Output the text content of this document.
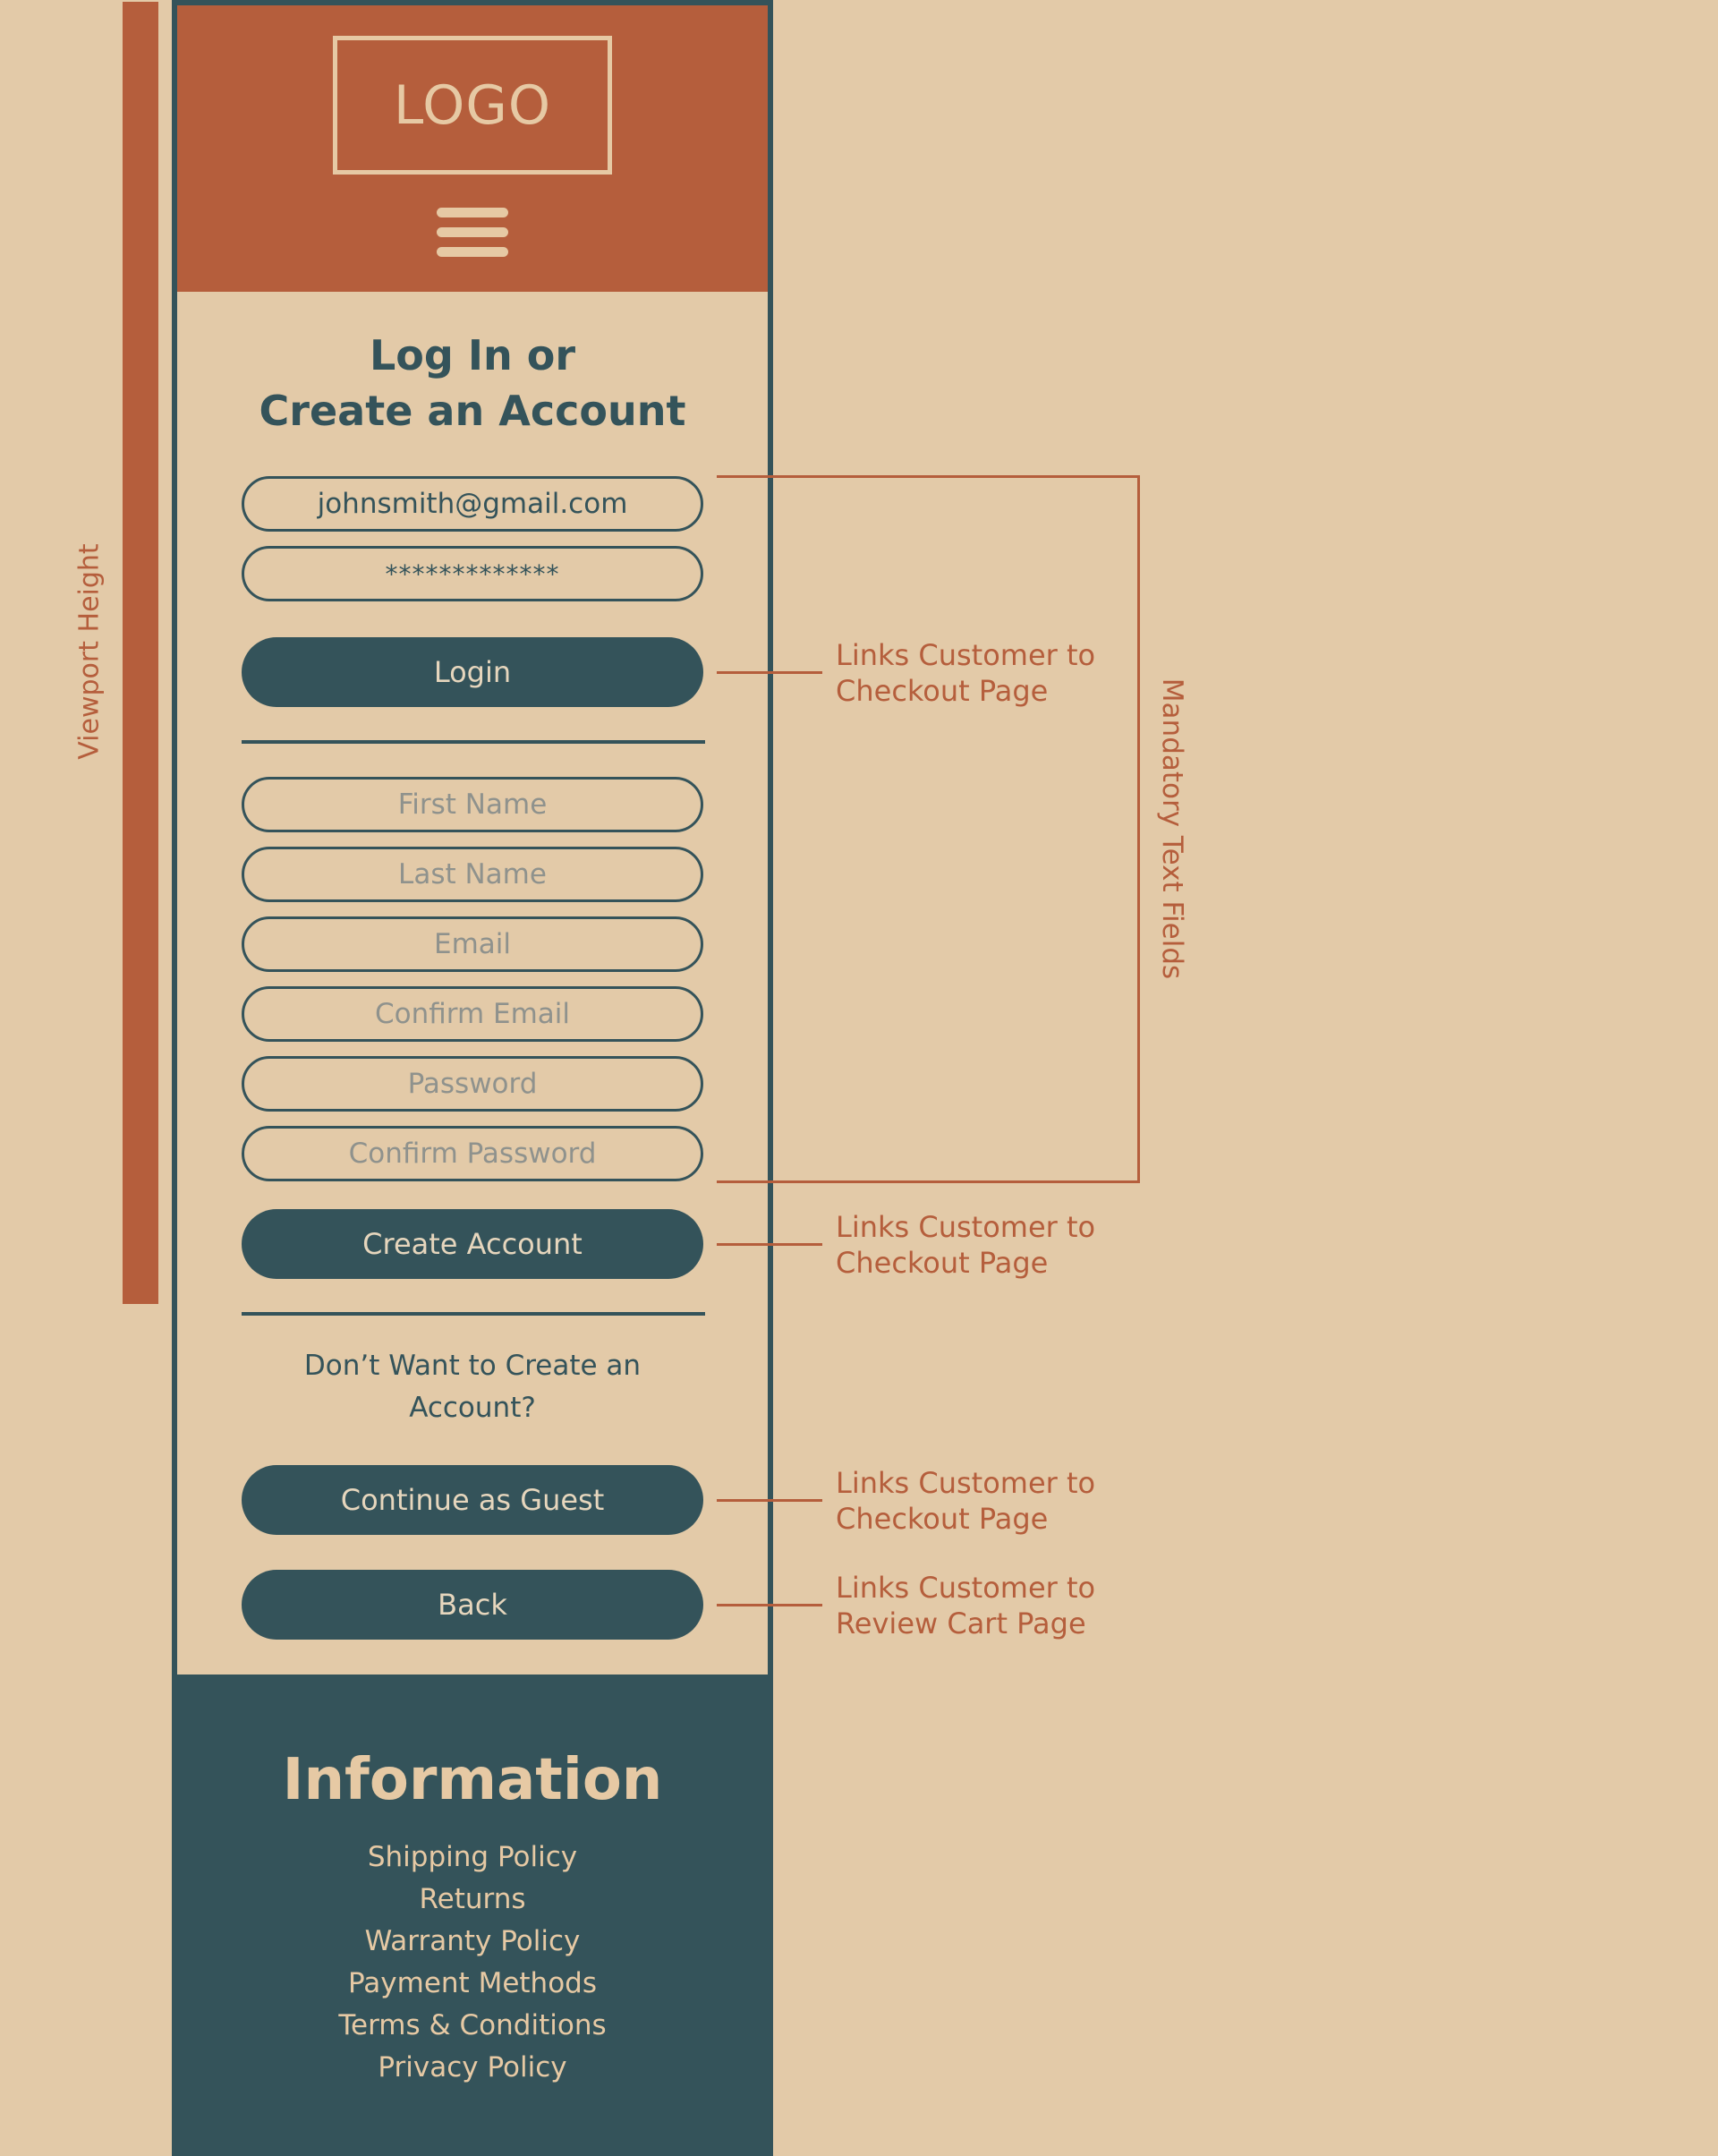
Viewport Height
LOGO
Log In or
Create an Account
johnsmith@gmail.com
*************
Login
First Name
Last Name
Email
Confirm Email
Password
Confirm Password
Create Account
Don’t Want to Create an
Account?
Continue as Guest
Back
Information
Shipping Policy
Returns
Warranty Policy
Payment Methods
Terms & Conditions
Privacy Policy
Mandatory Text Fields
Links Customer to
Checkout Page
Links Customer to
Checkout Page
Links Customer to
Checkout Page
Links Customer to
Review Cart Page
